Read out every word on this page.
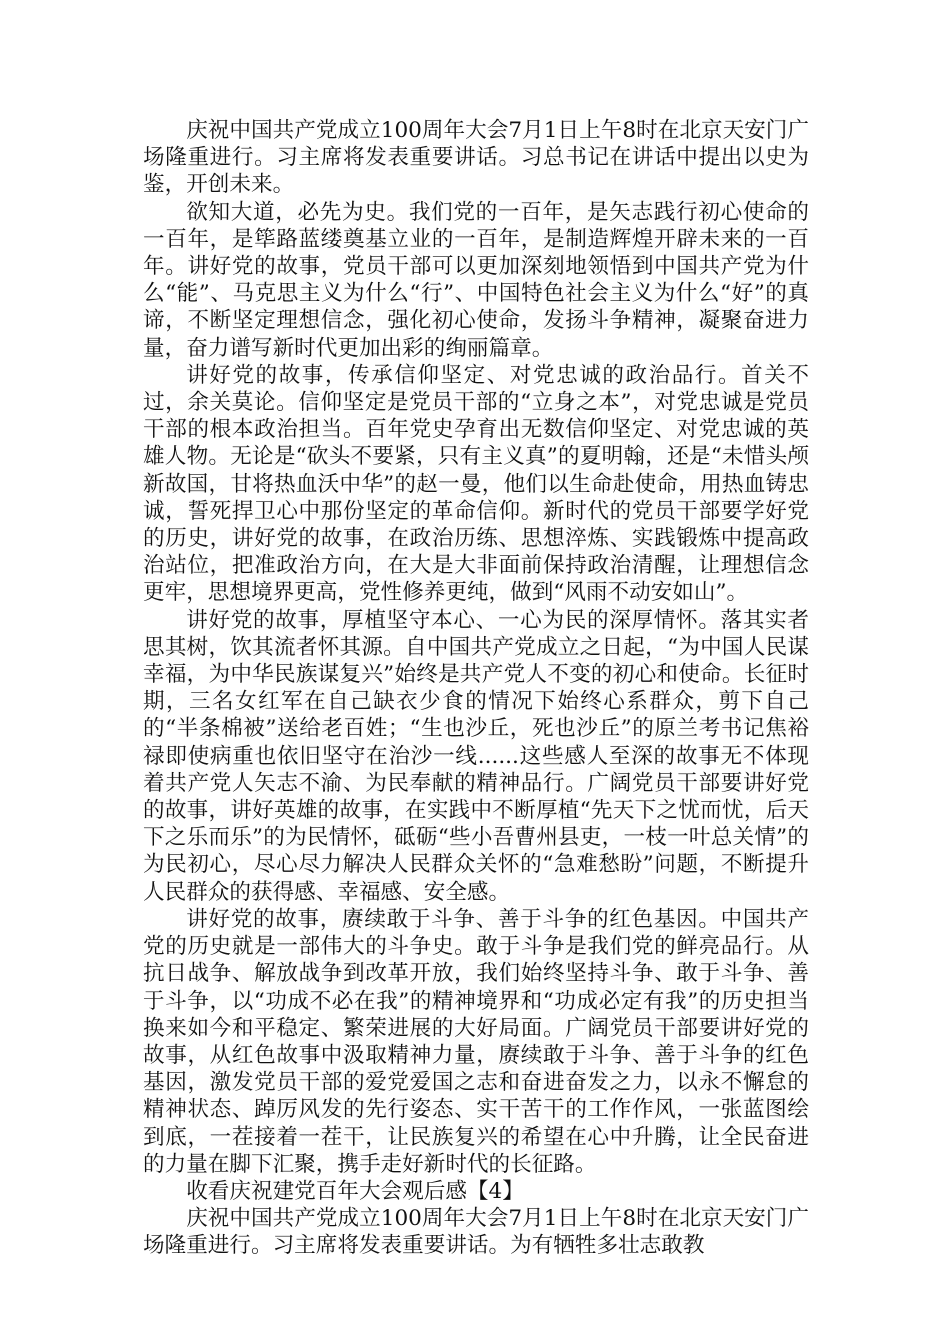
庆祝中国共产党成立100周年大会7月1日上午8时在北京天安门广场隆重进行。习主席将发表重要讲话。习总书记在讲话中提出以史为鉴，开创未来。

欲知大道，必先为史。我们党的一百年，是矢志践行初心使命的一百年，是筚路蓝缕奠基立业的一百年，是制造辉煌开辟未来的一百年。讲好党的故事，党员干部可以更加深刻地领悟到中国共产党为什么“能”、马克思主义为什么“行”、中国特色社会主义为什么“好”的真谛，不断坚定理想信念，强化初心使命，发扬斗争精神，凝聚奋进力量，奋力谱写新时代更加出彩的绚丽篇章。

讲好党的故事，传承信仰坚定、对党忠诚的政治品行。首关不过，余关莫论。信仰坚定是党员干部的“立身之本”，对党忠诚是党员干部的根本政治担当。百年党史孕育出无数信仰坚定、对党忠诚的英雄人物。无论是“砍头不要紧，只有主义真”的夏明翰，还是“未惜头颅新故国，甘将热血沃中华”的赵一曼，他们以生命赴使命，用热血铸忠诚，誓死捍卫心中那份坚定的革命信仰。新时代的党员干部要学好党的历史，讲好党的故事，在政治历练、思想淬炼、实践锻炼中提高政治站位，把准政治方向，在大是大非面前保持政治清醒，让理想信念更牢，思想境界更高，党性修养更纯，做到“风雨不动安如山”。

讲好党的故事，厚植坚守本心、一心为民的深厚情怀。落其实者思其树，饮其流者怀其源。自中国共产党成立之日起，“为中国人民谋幸福，为中华民族谋复兴”始终是共产党人不变的初心和使命。长征时期，三名女红军在自己缺衣少食的情况下始终心系群众，剪下自己的“半条棉被”送给老百姓；“生也沙丘，死也沙丘”的原兰考书记焦裕禄即使病重也依旧坚守在治沙一线......这些感人至深的故事无不体现着共产党人矢志不渝、为民奉献的精神品行。广阔党员干部要讲好党的故事，讲好英雄的故事，在实践中不断厚植“先天下之忧而忧，后天下之乐而乐”的为民情怀，砥砺“些小吾曹州县吏，一枝一叶总关情”的为民初心，尽心尽力解决人民群众关怀的“急难愁盼”问题，不断提升人民群众的获得感、幸福感、安全感。

讲好党的故事，赓续敢于斗争、善于斗争的红色基因。中国共产党的历史就是一部伟大的斗争史。敢于斗争是我们党的鲜亮品行。从抗日战争、解放战争到改革开放，我们始终坚持斗争、敢于斗争、善于斗争，以“功成不必在我”的精神境界和“功成必定有我”的历史担当换来如今和平稳定、繁荣进展的大好局面。广阔党员干部要讲好党的故事，从红色故事中汲取精神力量，赓续敢于斗争、善于斗争的红色基因，激发党员干部的爱党爱国之志和奋进奋发之力，以永不懈怠的精神状态、踔厉风发的先行姿态、实干苦干的工作作风，一张蓝图绘到底，一茬接着一茬干，让民族复兴的希望在心中升腾，让全民奋进的力量在脚下汇聚，携手走好新时代的长征路。

收看庆祝建党百年大会观后感【4】

庆祝中国共产党成立100周年大会7月1日上午8时在北京天安门广场隆重进行。习主席将发表重要讲话。为有牺牲多壮志敢教
